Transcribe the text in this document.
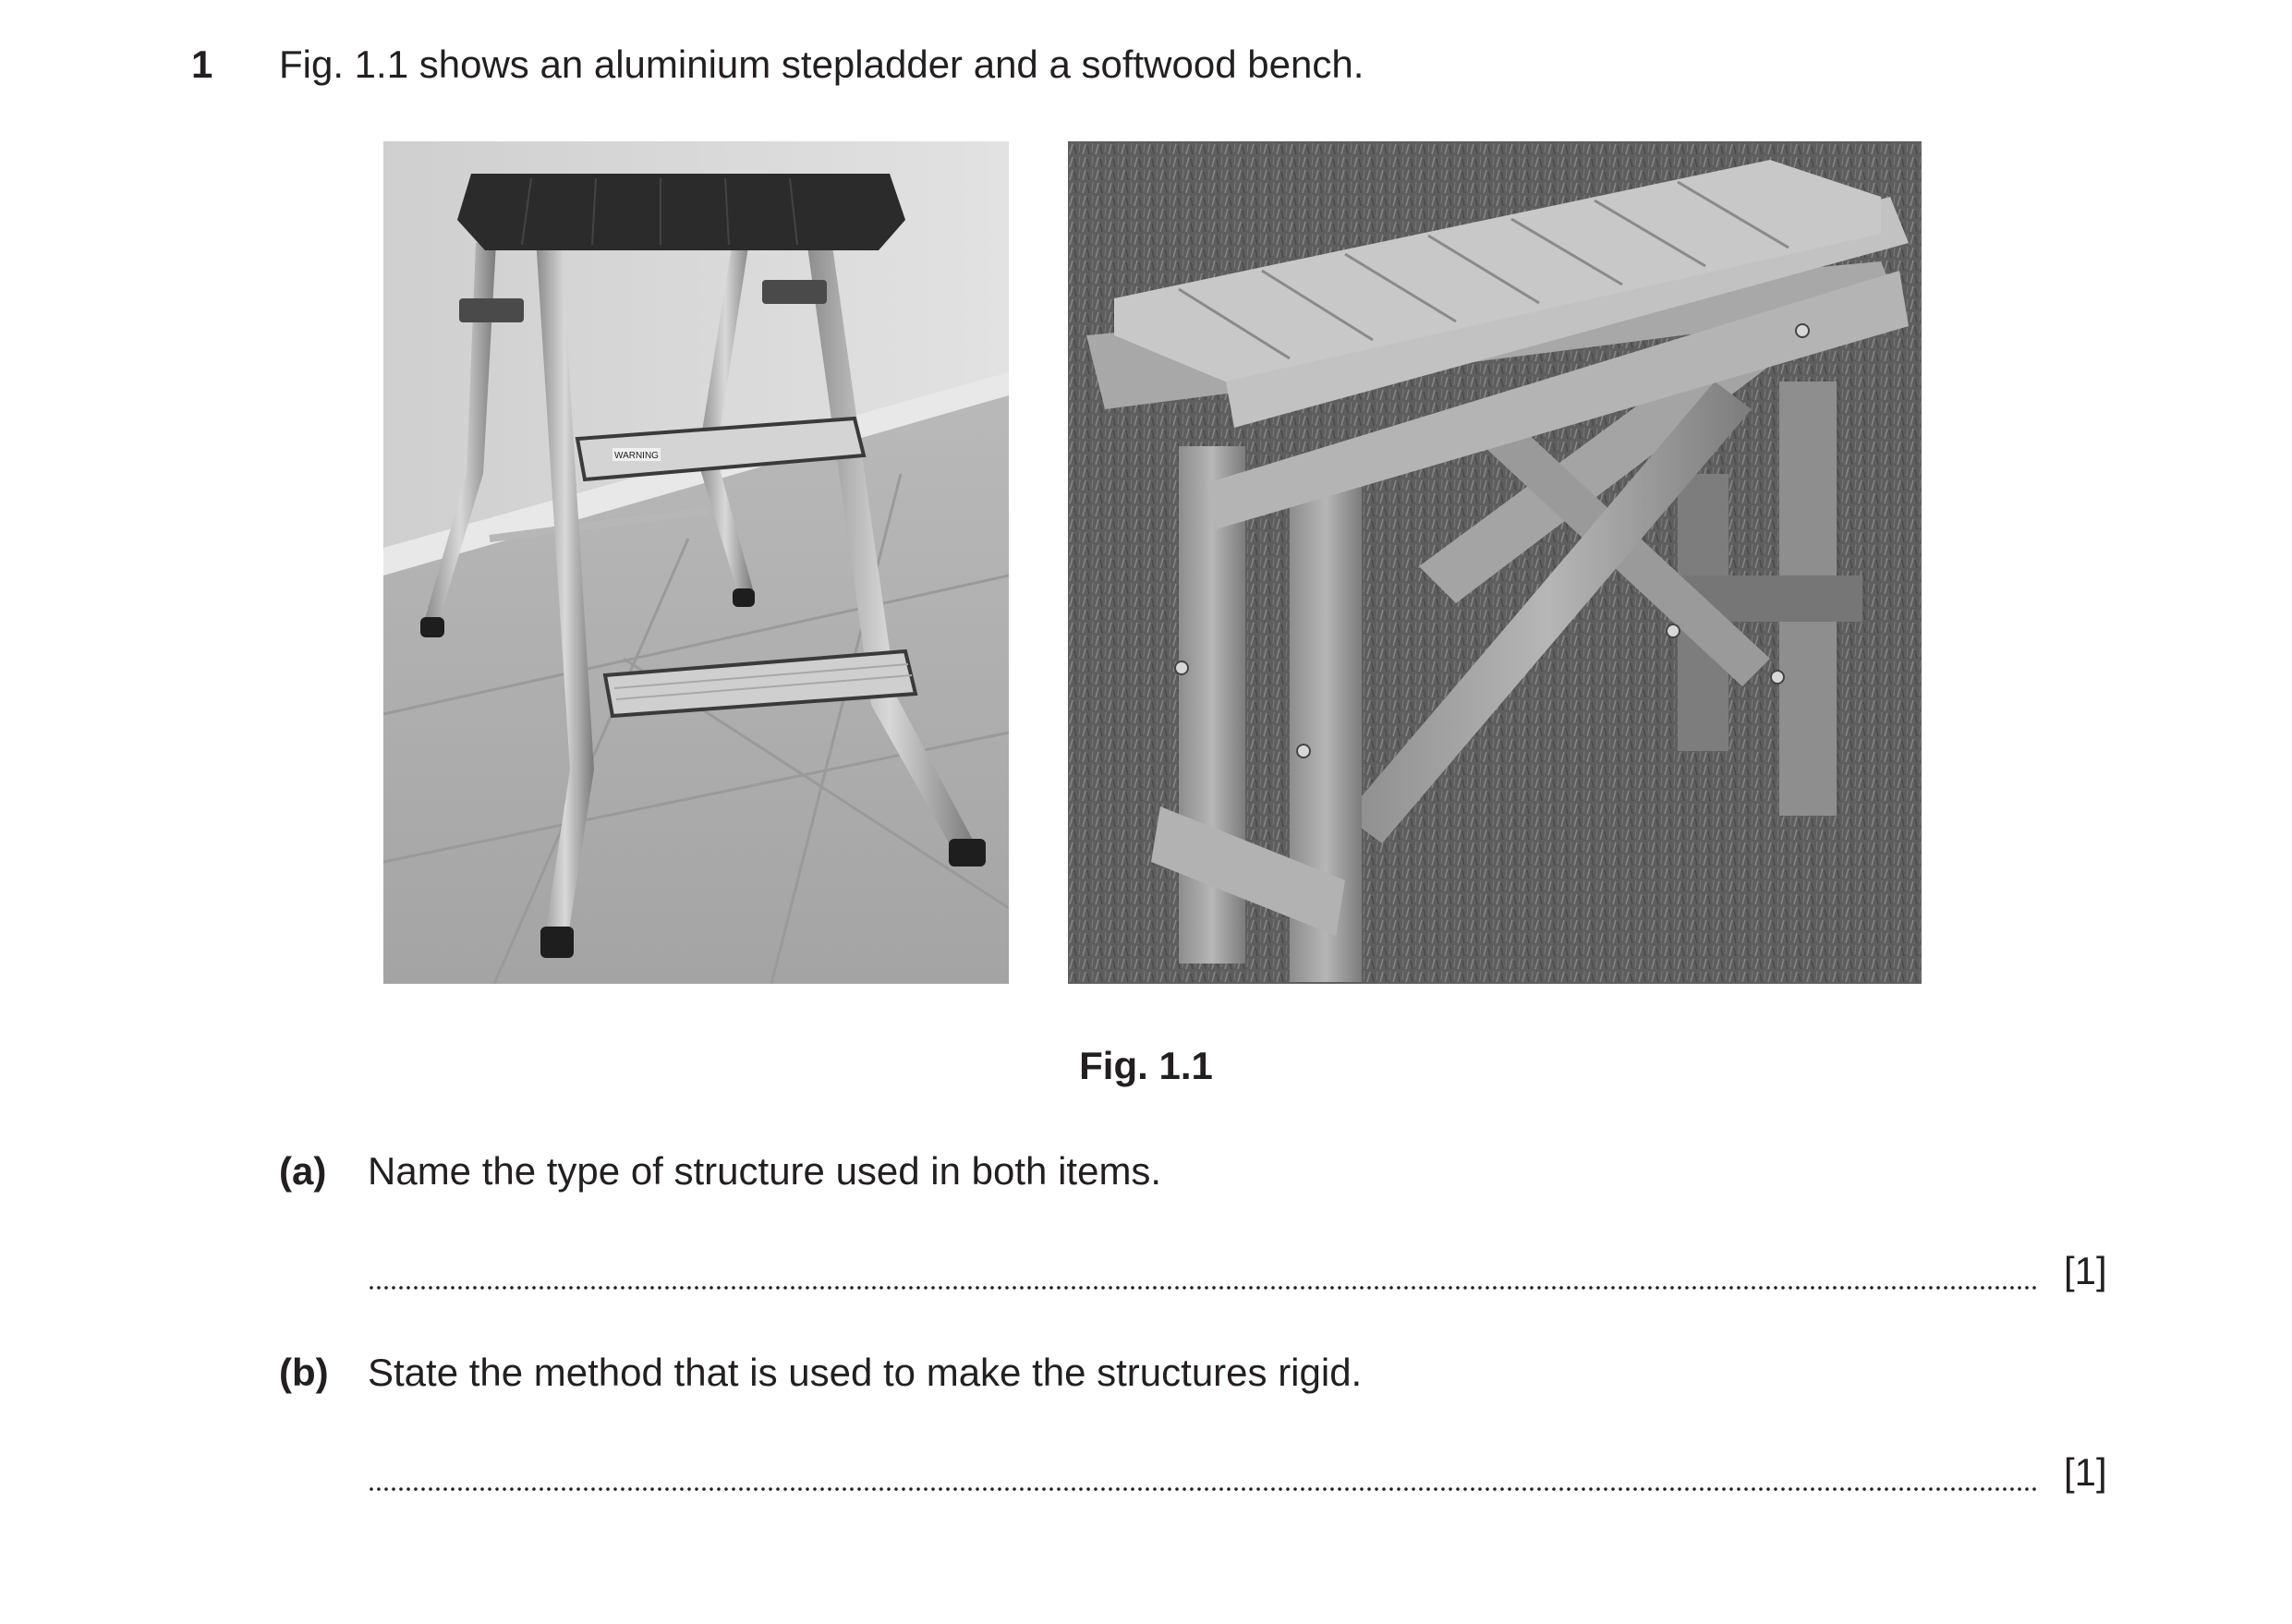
1 Fig. 1.1 shows an aluminium stepladder and a softwood bench.
WARNING
Fig. 1.1
(a) Name the type of structure used in both items.
[1]
(b) State the method that is used to make the structures rigid.
[1]
